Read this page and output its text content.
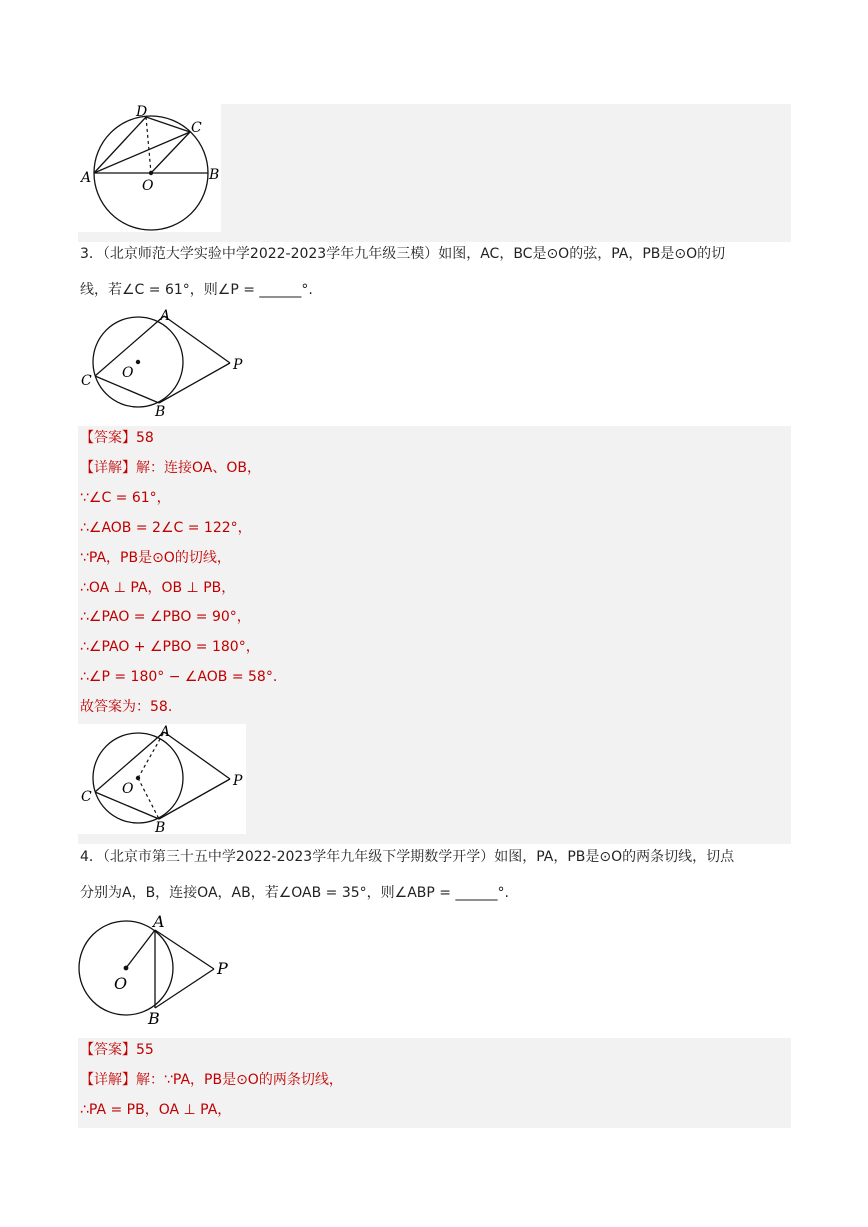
A	B
C
D
O
3．（北京师范大学实验中学2022-2023学年九年级三模）如图，AC，BC是⊙O的弦，PA，PB是⊙O的切
线，若∠C = 61°，则∠P = ______°.
A
B
C O	P
【答案】58
【详解】解：连接OA、OB，
∵∠C = 61°，
∴∠AOB = 2∠C = 122°，
∵PA，PB是⊙O的切线，
∴OA ⊥ PA，OB ⊥ PB，
∴∠PAO = ∠PBO = 90°，
∴∠PAO + ∠PBO = 180°，
∴∠P = 180° − ∠AOB = 58°.
故答案为：58.
A
B
C O	P
4．（北京市第三十五中学2022-2023学年九年级下学期数学开学）如图，PA，PB是⊙O的两条切线，切点
分别为A，B，连接OA，AB，若∠OAB = 35°，则∠ABP = ______°.
A
B
O
P
【答案】55
【详解】解：∵PA，PB是⊙O的两条切线，
∴PA = PB，OA ⊥ PA，
